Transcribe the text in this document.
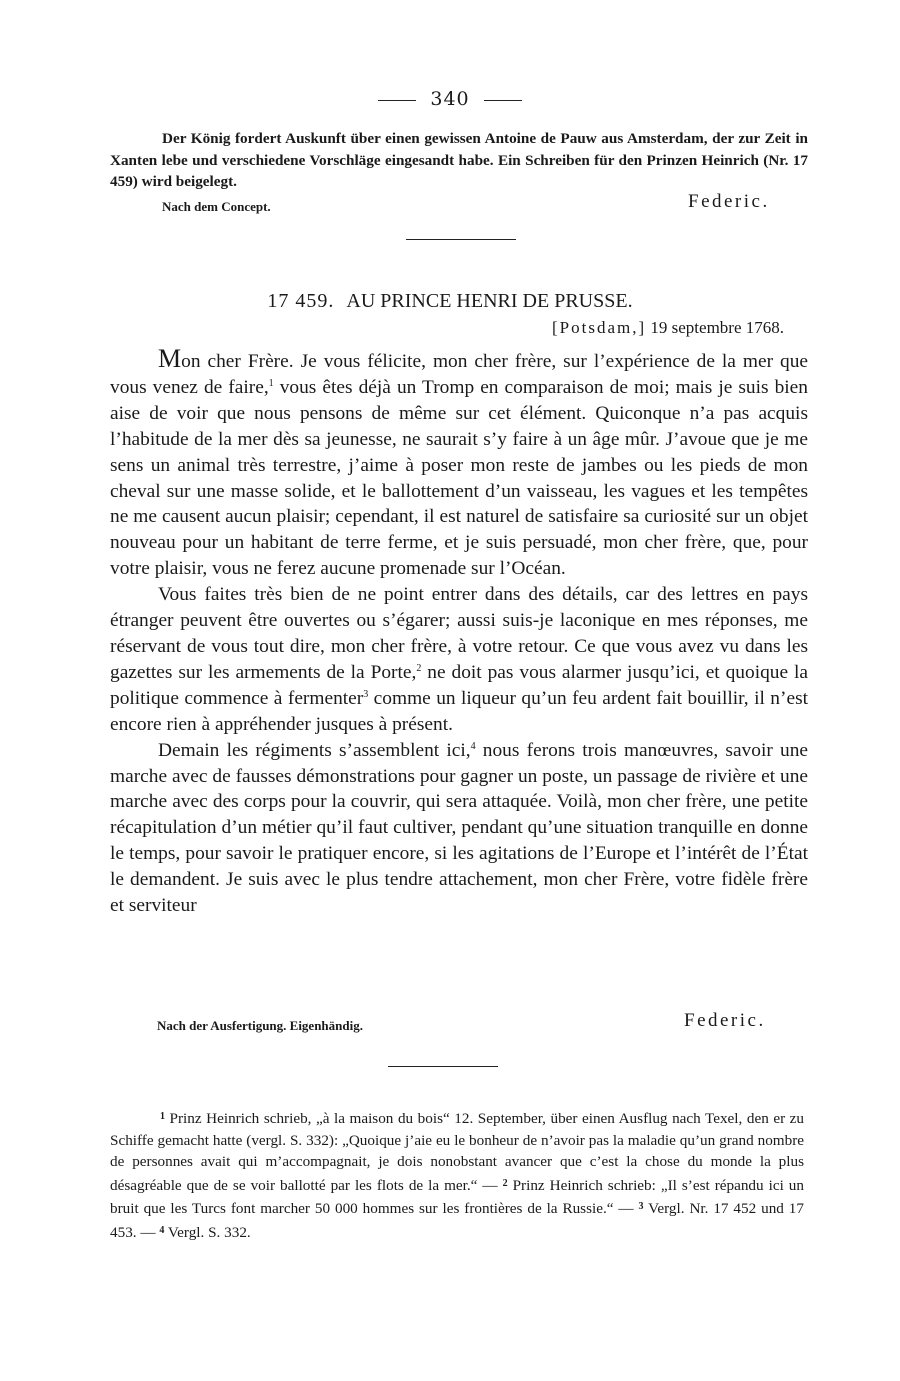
340
Der König fordert Auskunft über einen gewissen Antoine de Pauw aus Amsterdam, der zur Zeit in Xanten lebe und verschiedene Vorschläge eingesandt habe. Ein Schreiben für den Prinzen Heinrich (Nr. 17 459) wird beigelegt.
Nach dem Concept.	Federic.
17 459. AU PRINCE HENRI DE PRUSSE.
[Potsdam,] 19 septembre 1768.

Mon cher Frère. Je vous félicite, mon cher frère, sur l’expérience de la mer que vous venez de faire,$^1$ vous êtes déjà un Tromp en comparaison de moi; mais je suis bien aise de voir que nous pensons de même sur cet élément. Quiconque n’a pas acquis l’habitude de la mer dès sa jeunesse, ne saurait s’y faire à un âge mûr. J’avoue que je me sens un animal très terrestre, j’aime à poser mon reste de jambes ou les pieds de mon cheval sur une masse solide, et le ballottement d’un vaisseau, les vagues et les tempêtes ne me causent aucun plaisir; cependant, il est naturel de satisfaire sa curiosité sur un objet nouveau pour un habitant de terre ferme, et je suis persuadé, mon cher frère, que, pour votre plaisir, vous ne ferez aucune promenade sur l’Océan.

Vous faites très bien de ne point entrer dans des détails, car des lettres en pays étranger peuvent être ouvertes ou s’égarer; aussi suis-je laconique en mes réponses, me réservant de vous tout dire, mon cher frère, à votre retour. Ce que vous avez vu dans les gazettes sur les armements de la Porte,$^2$ ne doit pas vous alarmer jusqu’ici, et quoique la politique commence à fermenter$^3$ comme un liqueur qu’un feu ardent fait bouillir, il n’est encore rien à appréhender jusques à présent.

Demain les régiments s’assemblent ici,$^4$ nous ferons trois manœuvres, savoir une marche avec de fausses démonstrations pour gagner un poste, un passage de rivière et une marche avec des corps pour la couvrir, qui sera attaquée. Voilà, mon cher frère, une petite récapitulation d’un métier qu’il faut cultiver, pendant qu’une situation tranquille en donne le temps, pour savoir le pratiquer encore, si les agitations de l’Europe et l’intérêt de l’État le demandent. Je suis avec le plus tendre attachement, mon cher Frère, votre fidèle frère et serviteur

Nach der Ausfertigung. Eigenhändig.	Federic.
$^1$ Prinz Heinrich schrieb, „à la maison du bois“ 12. September, über einen Ausflug nach Texel, den er zu Schiffe gemacht hatte (vergl. S. 332): „Quoique j’aie eu le bonheur de n’avoir pas la maladie qu’un grand nombre de personnes avait qui m’accompagnait, je dois nonobstant avancer que c’est la chose du monde la plus désagréable que de se voir ballotté par les flots de la mer.“ — $^2$ Prinz Heinrich schrieb: „Il s’est répandu ici un bruit que les Turcs font marcher 50 000 hommes sur les frontières de la Russie.“ — $^3$ Vergl. Nr. 17 452 und 17 453. — $^4$ Vergl. S. 332.
